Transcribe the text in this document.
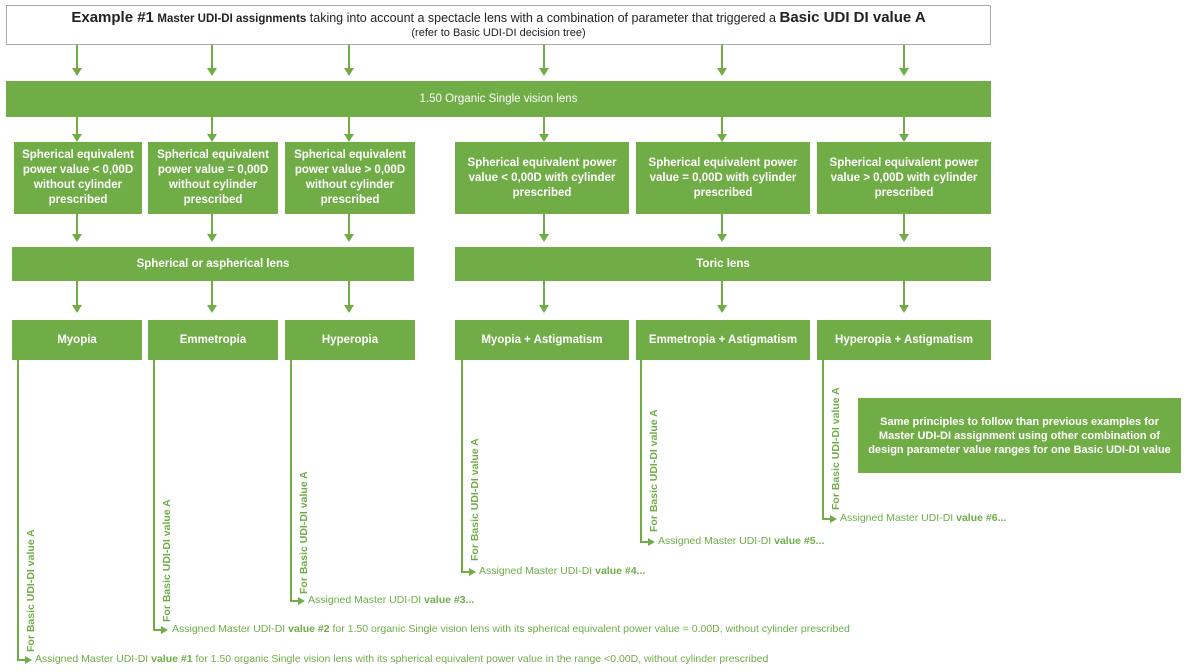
Example #1 Master UDI-DI assignments taking into account a spectacle lens with a combination of parameter that triggered a Basic UDI DI value A
(refer to Basic UDI-DI decision tree)
1.50 Organic Single vision lens
Spherical equivalent power value < 0,00D without cylinder prescribed
Spherical equivalent power value = 0,00D without cylinder prescribed
Spherical equivalent power value > 0,00D without cylinder prescribed
Spherical equivalent power value < 0,00D with cylinder prescribed
Spherical equivalent power value = 0,00D with cylinder prescribed
Spherical equivalent power value > 0,00D with cylinder prescribed
Spherical or aspherical lens	Toric lens
Myopia	Emmetropia	Hyperopia	Myopia + Astigmatism	Emmetropia + Astigmatism	Hyperopia + Astigmatism
For Basic UDI-DI value A	For Basic UDI-DI value A	For Basic UDI-DI value A	For Basic UDI-DI value A	For Basic UDI-DI value A	For Basic UDI-DI value A
Assigned Master UDI-DI value #1 for 1.50 organic Single vision lens with its spherical equivalent power value in the range <0.00D, without cylinder prescribed
Assigned Master UDI-DI value #2 for 1.50 organic Single vision lens with its spherical equivalent power value = 0.00D, without cylinder prescribed
Assigned Master UDI-DI value #3...
Assigned Master UDI-DI value #4...
Assigned Master UDI-DI value #5...
Assigned Master UDI-DI value #6...
Same principles to follow than previous examples for Master UDI-DI assignment using other combination of design parameter value ranges for one Basic UDI-DI value
